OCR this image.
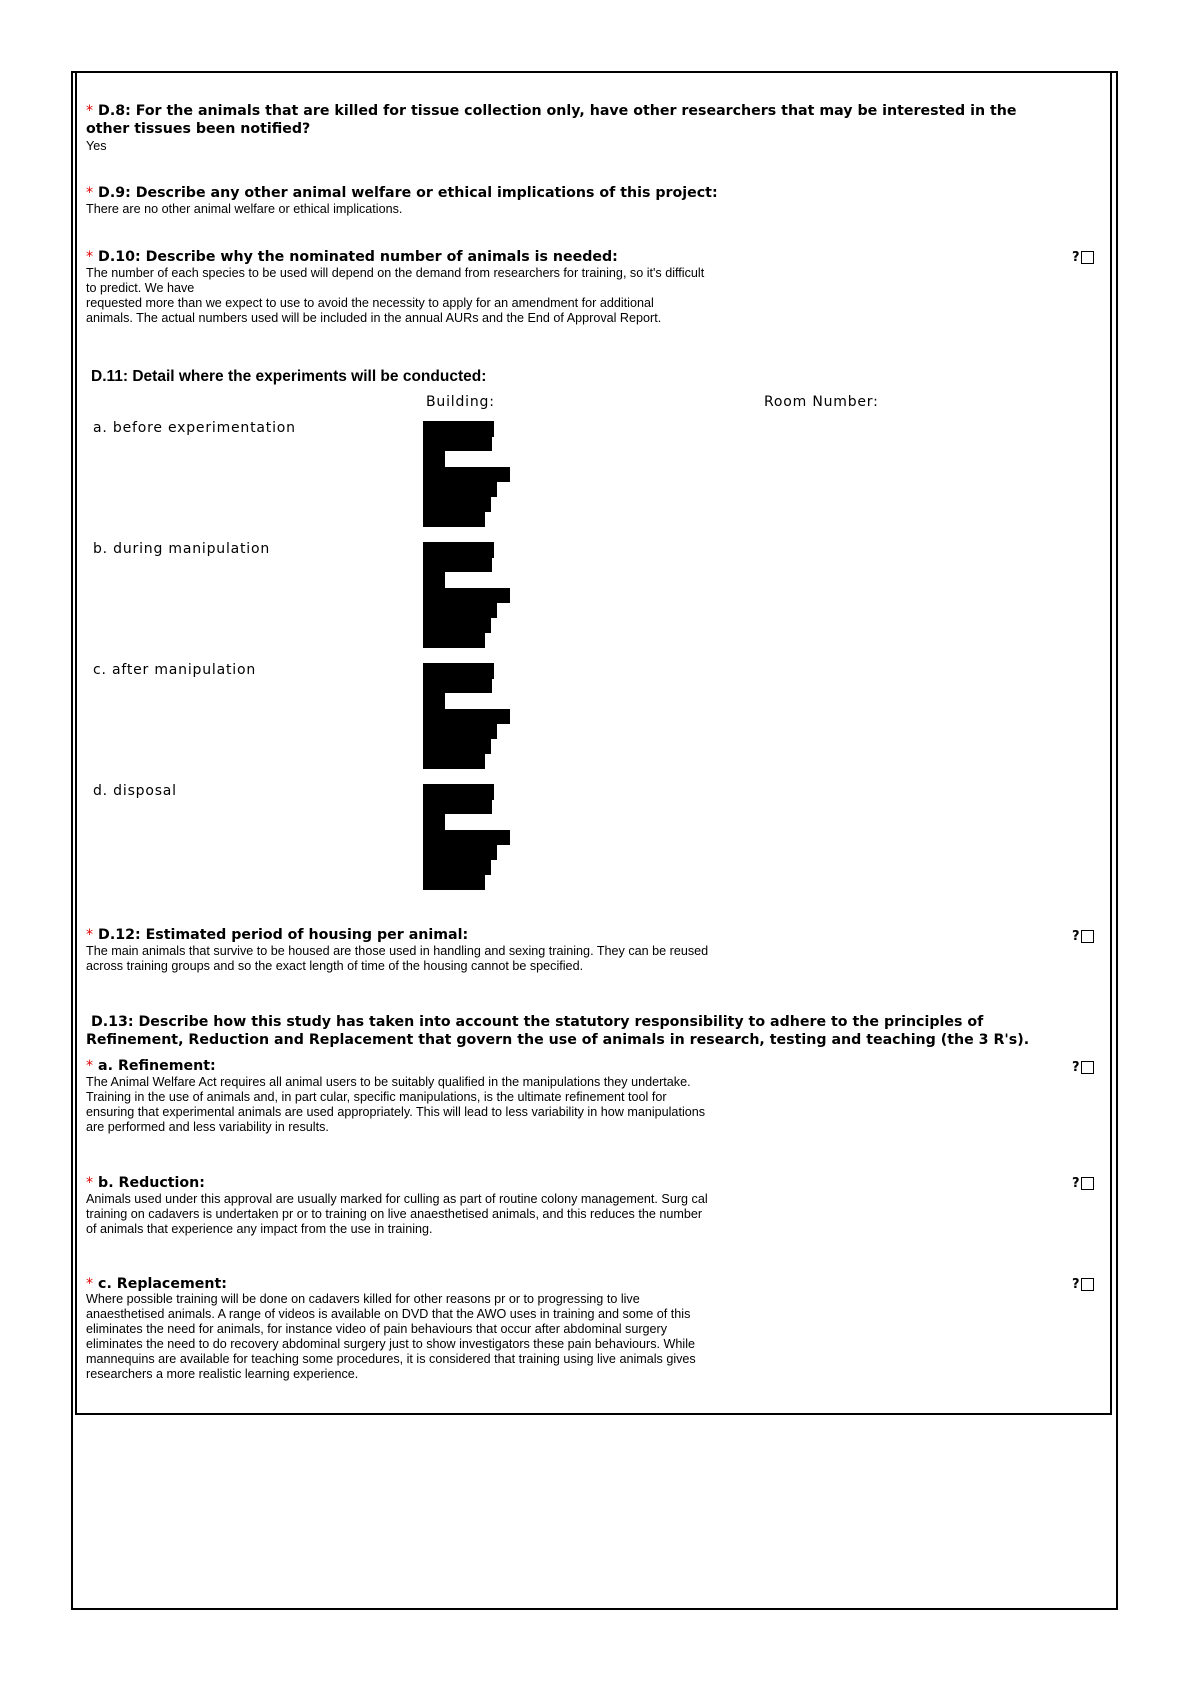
* D.8: For the animals that are killed for tissue collection only, have other researchers that may be interested in the
other tissues been notified?
Yes
* D.9: Describe any other animal welfare or ethical implications of this project:
There are no other animal welfare or ethical implications.
* D.10: Describe why the nominated number of animals is needed:
The number of each species to be used will depend on the demand from researchers for training, so it's difficult
to predict. We have
requested more than we expect to use to avoid the necessity to apply for an amendment for additional
animals. The actual numbers used will be included in the annual AURs and the End of Approval Report.
?
D.11: Detail where the experiments will be conducted:
Building:	Room Number:
a. before experimentation
b. during manipulation
c. after manipulation
d. disposal
* D.12: Estimated period of housing per animal:
The main animals that survive to be housed are those used in handling and sexing training. They can be reused
across training groups and so the exact length of time of the housing cannot be specified.
?
D.13: Describe how this study has taken into account the statutory responsibility to adhere to the principles of
Refinement, Reduction and Replacement that govern the use of animals in research, testing and teaching (the 3 R's).
* a. Refinement:
The Animal Welfare Act requires all animal users to be suitably qualified in the manipulations they undertake.
Training in the use of animals and, in part cular, specific manipulations, is the ultimate refinement tool for
ensuring that experimental animals are used appropriately. This will lead to less variability in how manipulations
are performed and less variability in results.
?
* b. Reduction:
Animals used under this approval are usually marked for culling as part of routine colony management. Surg cal
training on cadavers is undertaken pr or to training on live anaesthetised animals, and this reduces the number
of animals that experience any impact from the use in training.
?
* c. Replacement:
Where possible training will be done on cadavers killed for other reasons pr or to progressing to live
anaesthetised animals. A range of videos is available on DVD that the AWO uses in training and some of this
eliminates the need for animals, for instance video of pain behaviours that occur after abdominal surgery
eliminates the need to do recovery abdominal surgery just to show investigators these pain behaviours. While
mannequins are available for teaching some procedures, it is considered that training using live animals gives
researchers a more realistic learning experience.
?
